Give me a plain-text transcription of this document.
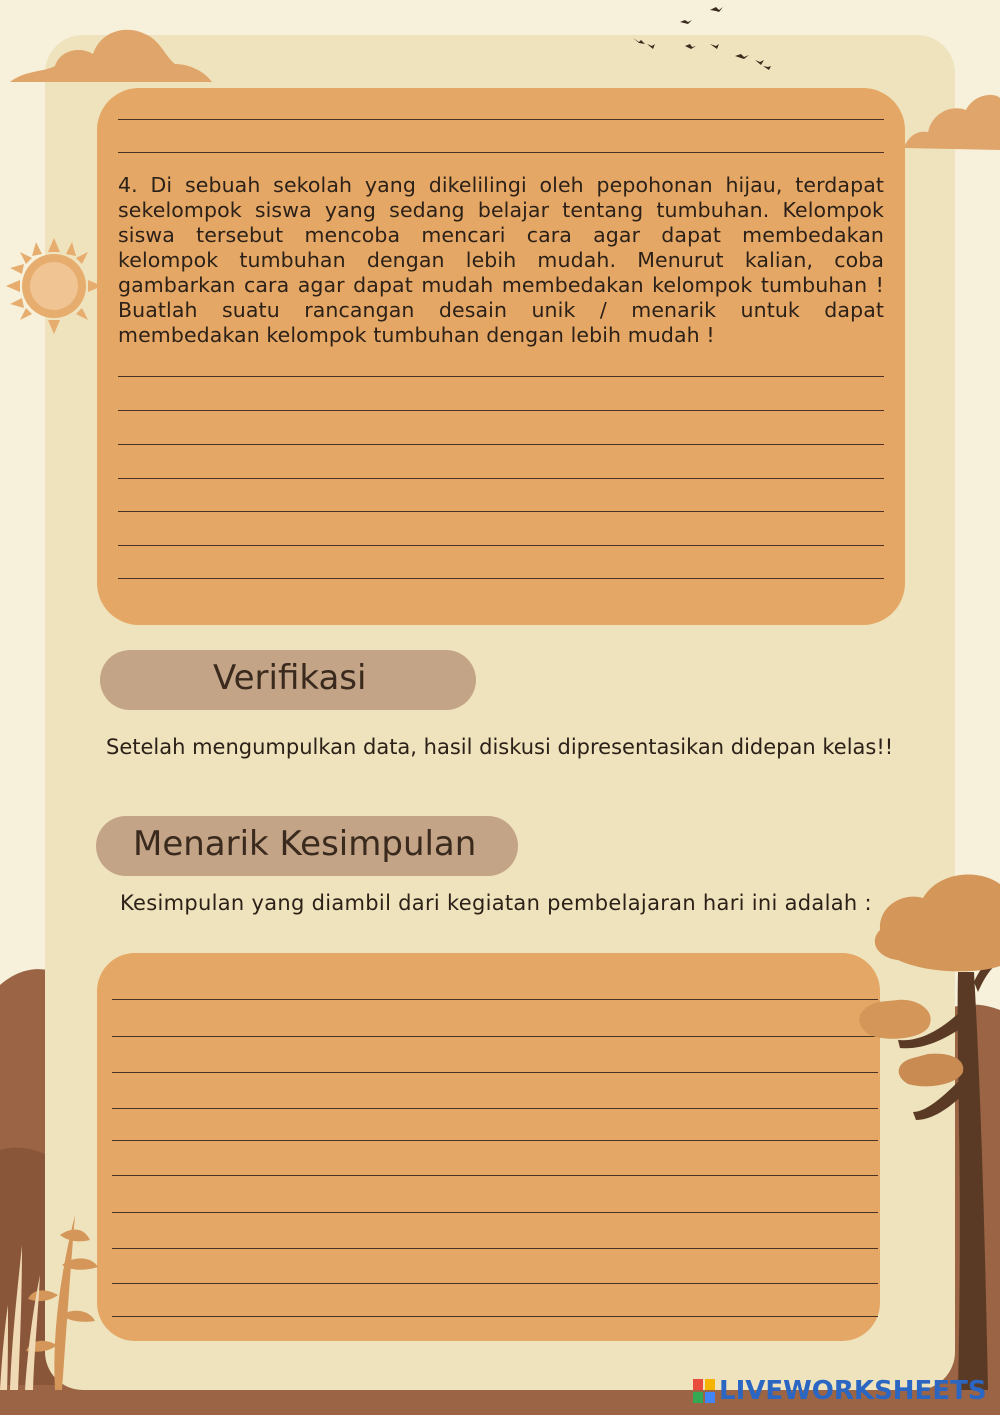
4. Di sebuah sekolah yang dikelilingi oleh pepohonan hijau, terdapat sekelompok siswa yang sedang belajar tentang tumbuhan. Kelompok siswa tersebut mencoba mencari cara agar dapat membedakan kelompok tumbuhan dengan lebih mudah. Menurut kalian, coba gambarkan cara agar dapat mudah membedakan kelompok tumbuhan ! Buatlah suatu rancangan desain unik / menarik untuk dapat membedakan kelompok tumbuhan dengan lebih mudah !
Verifikasi
Setelah mengumpulkan data, hasil diskusi dipresentasikan didepan kelas!!
Menarik Kesimpulan
Kesimpulan yang diambil dari kegiatan pembelajaran hari ini adalah :
LIVEWORKSHEETS
